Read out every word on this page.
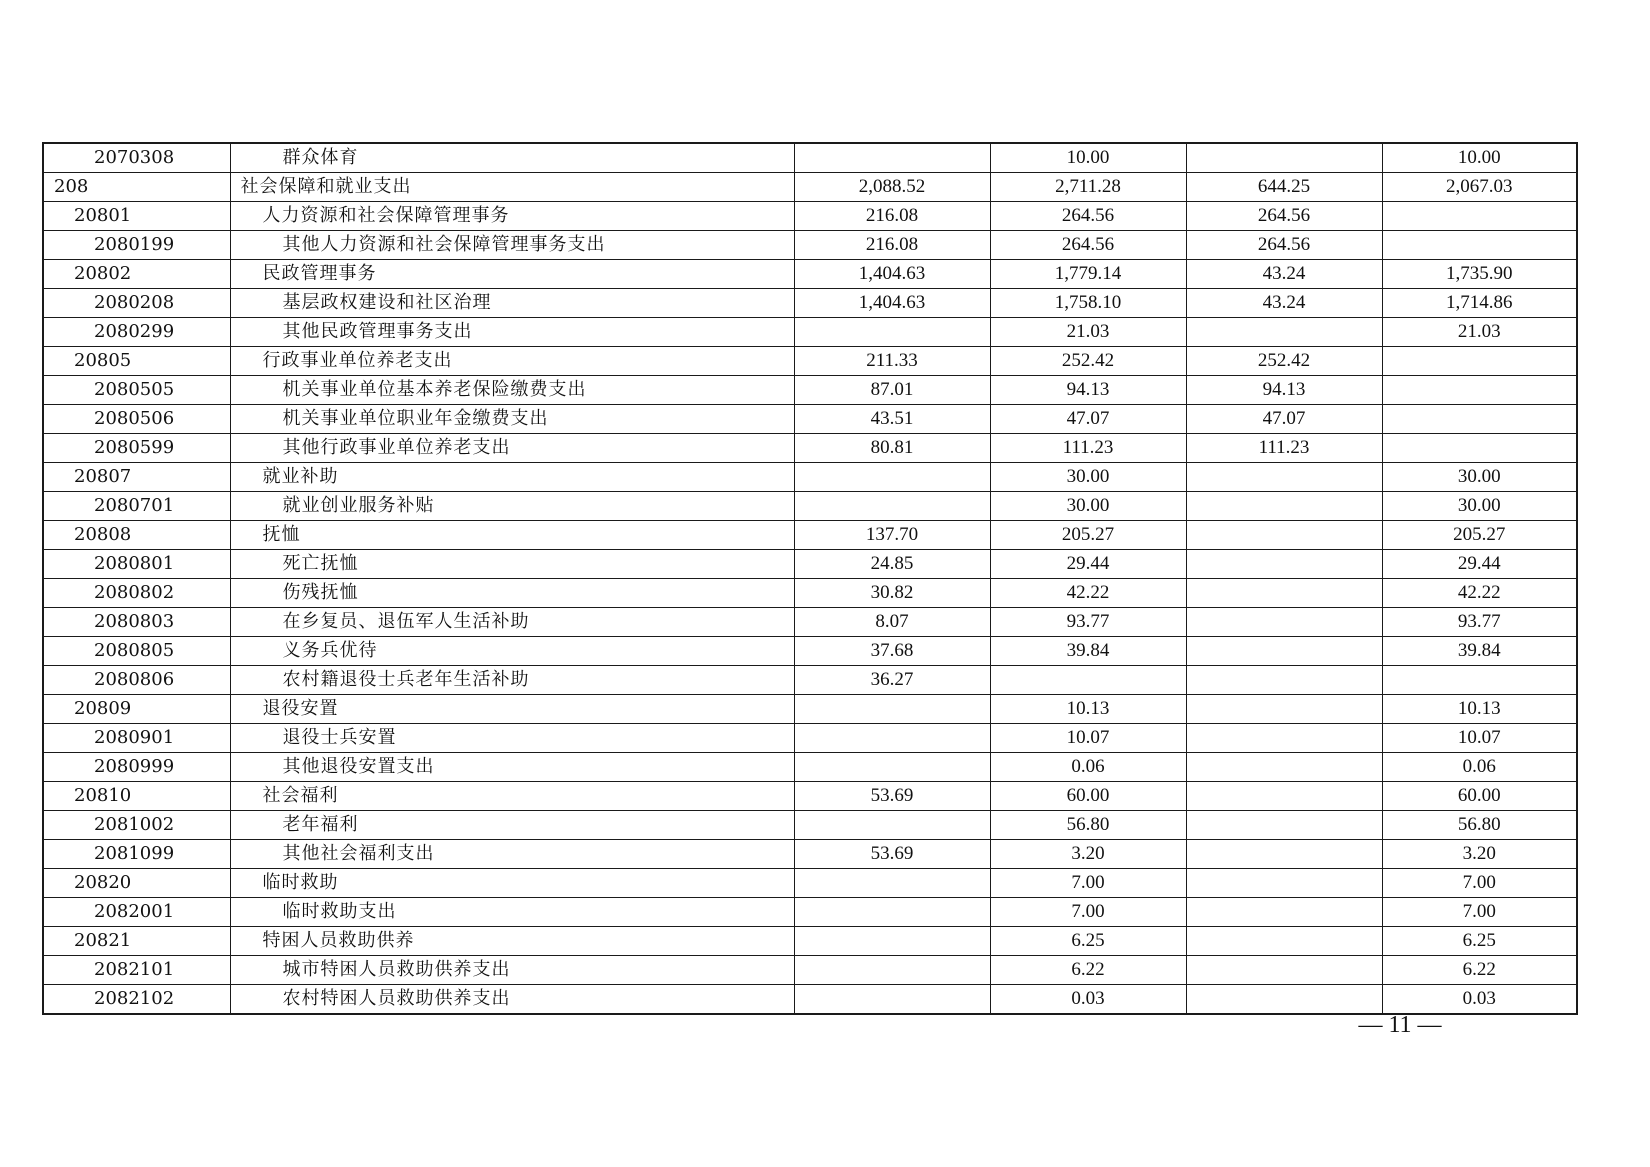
2070308	群众体育		10.00		10.00
208	社会保障和就业支出	2,088.52	2,711.28	644.25	2,067.03
20801	人力资源和社会保障管理事务	216.08	264.56	264.56	
2080199	其他人力资源和社会保障管理事务支出	216.08	264.56	264.56	
20802	民政管理事务	1,404.63	1,779.14	43.24	1,735.90
2080208	基层政权建设和社区治理	1,404.63	1,758.10	43.24	1,714.86
2080299	其他民政管理事务支出		21.03		21.03
20805	行政事业单位养老支出	211.33	252.42	252.42	
2080505	机关事业单位基本养老保险缴费支出	87.01	94.13	94.13	
2080506	机关事业单位职业年金缴费支出	43.51	47.07	47.07	
2080599	其他行政事业单位养老支出	80.81	111.23	111.23	
20807	就业补助		30.00		30.00
2080701	就业创业服务补贴		30.00		30.00
20808	抚恤	137.70	205.27		205.27
2080801	死亡抚恤	24.85	29.44		29.44
2080802	伤残抚恤	30.82	42.22		42.22
2080803	在乡复员、退伍军人生活补助	8.07	93.77		93.77
2080805	义务兵优待	37.68	39.84		39.84
2080806	农村籍退役士兵老年生活补助	36.27			
20809	退役安置		10.13		10.13
2080901	退役士兵安置		10.07		10.07
2080999	其他退役安置支出		0.06		0.06
20810	社会福利	53.69	60.00		60.00
2081002	老年福利		56.80		56.80
2081099	其他社会福利支出	53.69	3.20		3.20
20820	临时救助		7.00		7.00
2082001	临时救助支出		7.00		7.00
20821	特困人员救助供养		6.25		6.25
2082101	城市特困人员救助供养支出		6.22		6.22
2082102	农村特困人员救助供养支出		0.03		0.03
— 11 —
